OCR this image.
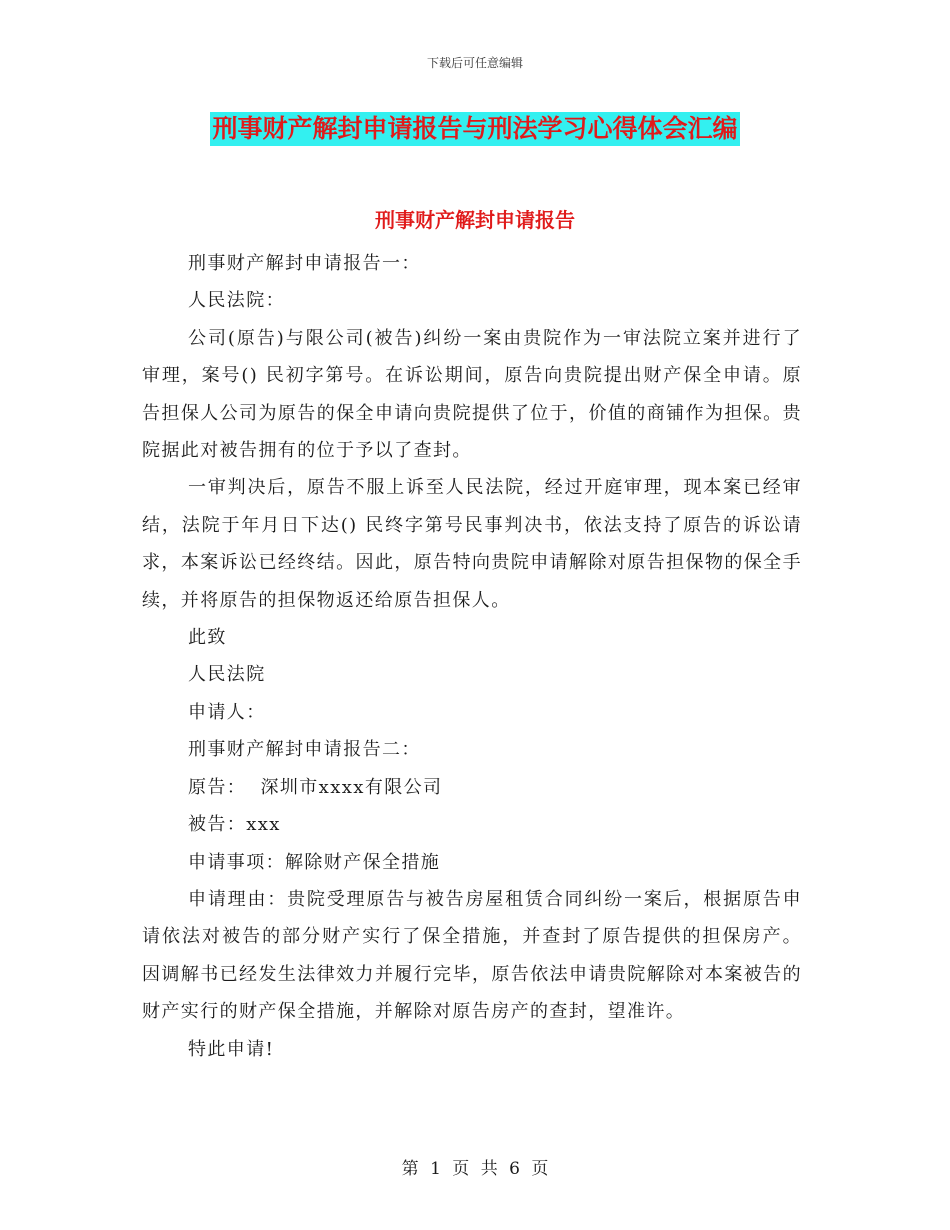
下载后可任意编辑
刑事财产解封申请报告与刑法学习心得体会汇编
刑事财产解封申请报告

刑事财产解封申请报告一：

人民法院：

公司(原告)与限公司(被告)纠纷一案由贵院作为一审法院立案并进行了审理，案号() 民初字第号。在诉讼期间，原告向贵院提出财产保全申请。原告担保人公司为原告的保全申请向贵院提供了位于，价值的商铺作为担保。贵院据此对被告拥有的位于予以了查封。

一审判决后，原告不服上诉至人民法院，经过开庭审理，现本案已经审结，法院于年月日下达() 民终字第号民事判决书，依法支持了原告的诉讼请求，本案诉讼已经终结。因此，原告特向贵院申请解除对原告担保物的保全手续，并将原告的担保物返还给原告担保人。

此致

人民法院

申请人：

刑事财产解封申请报告二：

原告：  深圳市xxxx有限公司

被告：xxx

申请事项：解除财产保全措施

申请理由：贵院受理原告与被告房屋租赁合同纠纷一案后，根据原告申请依法对被告的部分财产实行了保全措施，并查封了原告提供的担保房产。 因调解书已经发生法律效力并履行完毕，原告依法申请贵院解除对本案被告的财产实行的财产保全措施，并解除对原告房产的查封，望准许。

特此申请!

第 1 页 共 6 页
